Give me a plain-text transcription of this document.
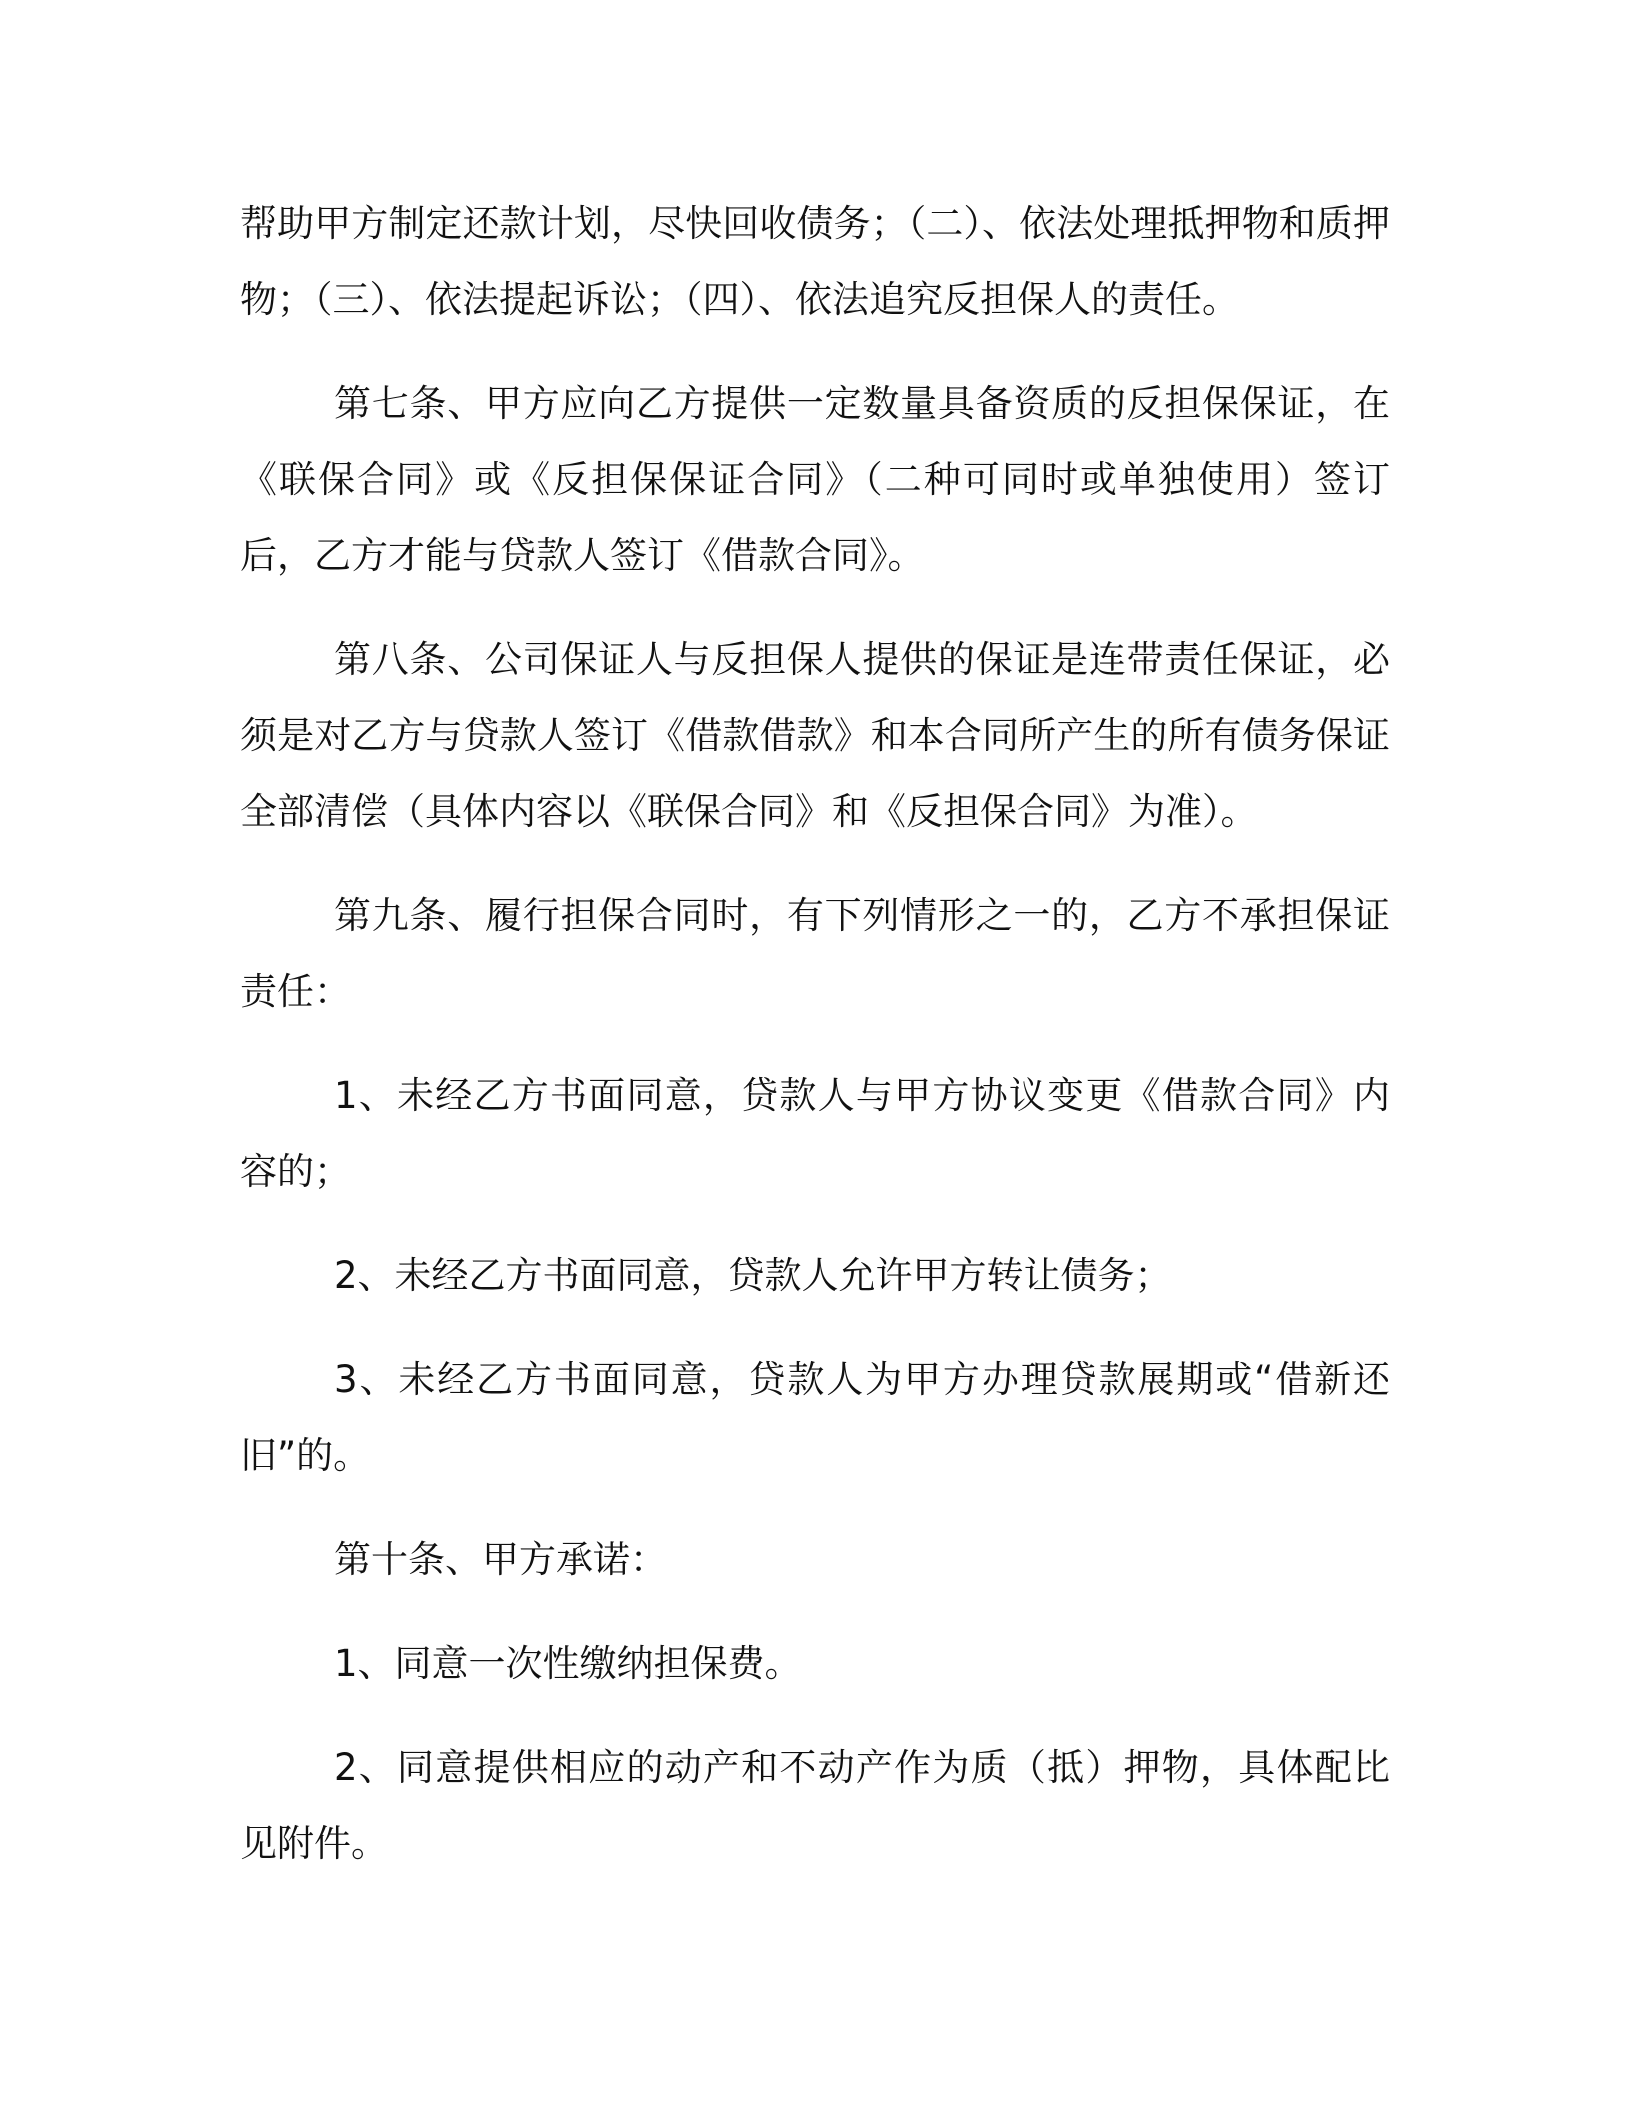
帮助甲方制定还款计划，尽快回收债务；（二）、依法处理抵押物和质押物；（三）、依法提起诉讼；（四）、依法追究反担保人的责任。

第七条、甲方应向乙方提供一定数量具备资质的反担保保证，在《联保合同》或《反担保保证合同》（二种可同时或单独使用）签订后，乙方才能与贷款人签订《借款合同》。

第八条、公司保证人与反担保人提供的保证是连带责任保证，必须是对乙方与贷款人签订《借款借款》和本合同所产生的所有债务保证全部清偿（具体内容以《联保合同》和《反担保合同》为准）。

第九条、履行担保合同时，有下列情形之一的，乙方不承担保证责任：

1、未经乙方书面同意，贷款人与甲方协议变更《借款合同》内容的；

2、未经乙方书面同意，贷款人允许甲方转让债务；

3、未经乙方书面同意，贷款人为甲方办理贷款展期或“借新还旧”的。

第十条、甲方承诺：

1、同意一次性缴纳担保费。

2、同意提供相应的动产和不动产作为质（抵）押物，具体配比见附件。
